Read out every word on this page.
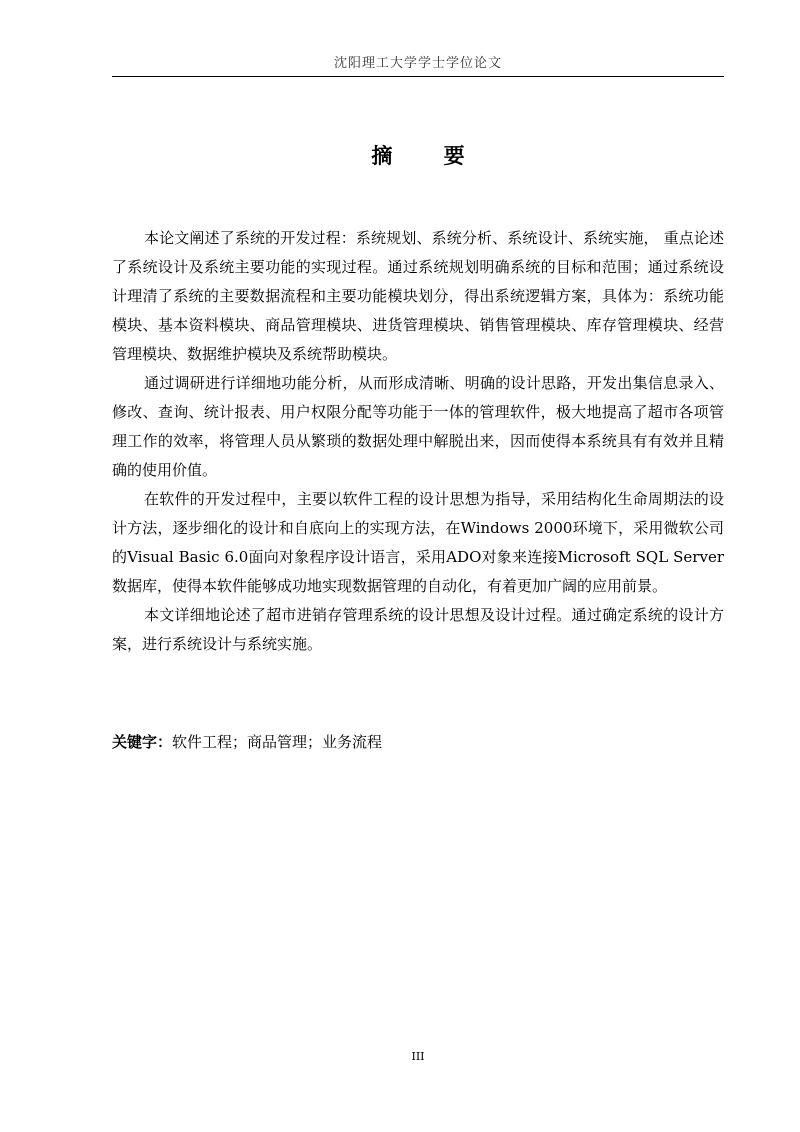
沈阳理工大学学士学位论文
摘 要

本论文阐述了系统的开发过程：系统规划、系统分析、系统设计、系统实施， 重点论述了系统设计及系统主要功能的实现过程。通过系统规划明确系统的目标和范围；通过系统设计理清了系统的主要数据流程和主要功能模块划分，得出系统逻辑方案，具体为：系统功能模块、基本资料模块、商品管理模块、进货管理模块、销售管理模块、库存管理模块、经营管理模块、数据维护模块及系统帮助模块。

通过调研进行详细地功能分析，从而形成清晰、明确的设计思路，开发出集信息录入、修改、查询、统计报表、用户权限分配等功能于一体的管理软件，极大地提高了超市各项管理工作的效率，将管理人员从繁琐的数据处理中解脱出来，因而使得本系统具有有效并且精确的使用价值。

在软件的开发过程中，主要以软件工程的设计思想为指导，采用结构化生命周期法的设计方法，逐步细化的设计和自底向上的实现方法，在Windows 2000环境下，采用微软公司的Visual Basic 6.0面向对象程序设计语言，采用ADO对象来连接Microsoft SQL Server数据库，使得本软件能够成功地实现数据管理的自动化，有着更加广阔的应用前景。

本文详细地论述了超市进销存管理系统的设计思想及设计过程。通过确定系统的设计方案，进行系统设计与系统实施。

关键字：软件工程；商品管理；业务流程
III
